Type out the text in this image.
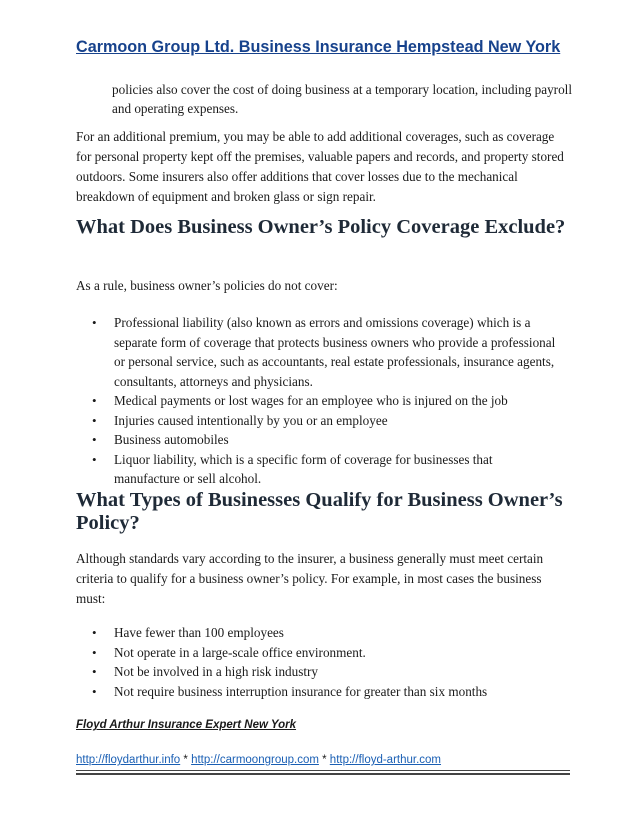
Carmoon Group Ltd. Business Insurance Hempstead New York
policies also cover the cost of doing business at a temporary location, including payroll and operating expenses.
For an additional premium, you may be able to add additional coverages, such as coverage for personal property kept off the premises, valuable papers and records, and property stored outdoors. Some insurers also offer additions that cover losses due to the mechanical breakdown of equipment and broken glass or sign repair.
What Does Business Owner’s Policy Coverage Exclude?
As a rule, business owner’s policies do not cover:
• Professional liability (also known as errors and omissions coverage) which is a separate form of coverage that protects business owners who provide a professional or personal service, such as accountants, real estate professionals, insurance agents, consultants, attorneys and physicians.
• Medical payments or lost wages for an employee who is injured on the job
• Injuries caused intentionally by you or an employee
• Business automobiles
• Liquor liability, which is a specific form of coverage for businesses that manufacture or sell alcohol.
What Types of Businesses Qualify for Business Owner’s Policy?
Although standards vary according to the insurer, a business generally must meet certain criteria to qualify for a business owner’s policy. For example, in most cases the business must:
• Have fewer than 100 employees
• Not operate in a large-scale office environment.
• Not be involved in a high risk industry
• Not require business interruption insurance for greater than six months
Floyd Arthur Insurance Expert New York
http://floydarthur.info * http://carmoongroup.com * http://floyd-arthur.com
